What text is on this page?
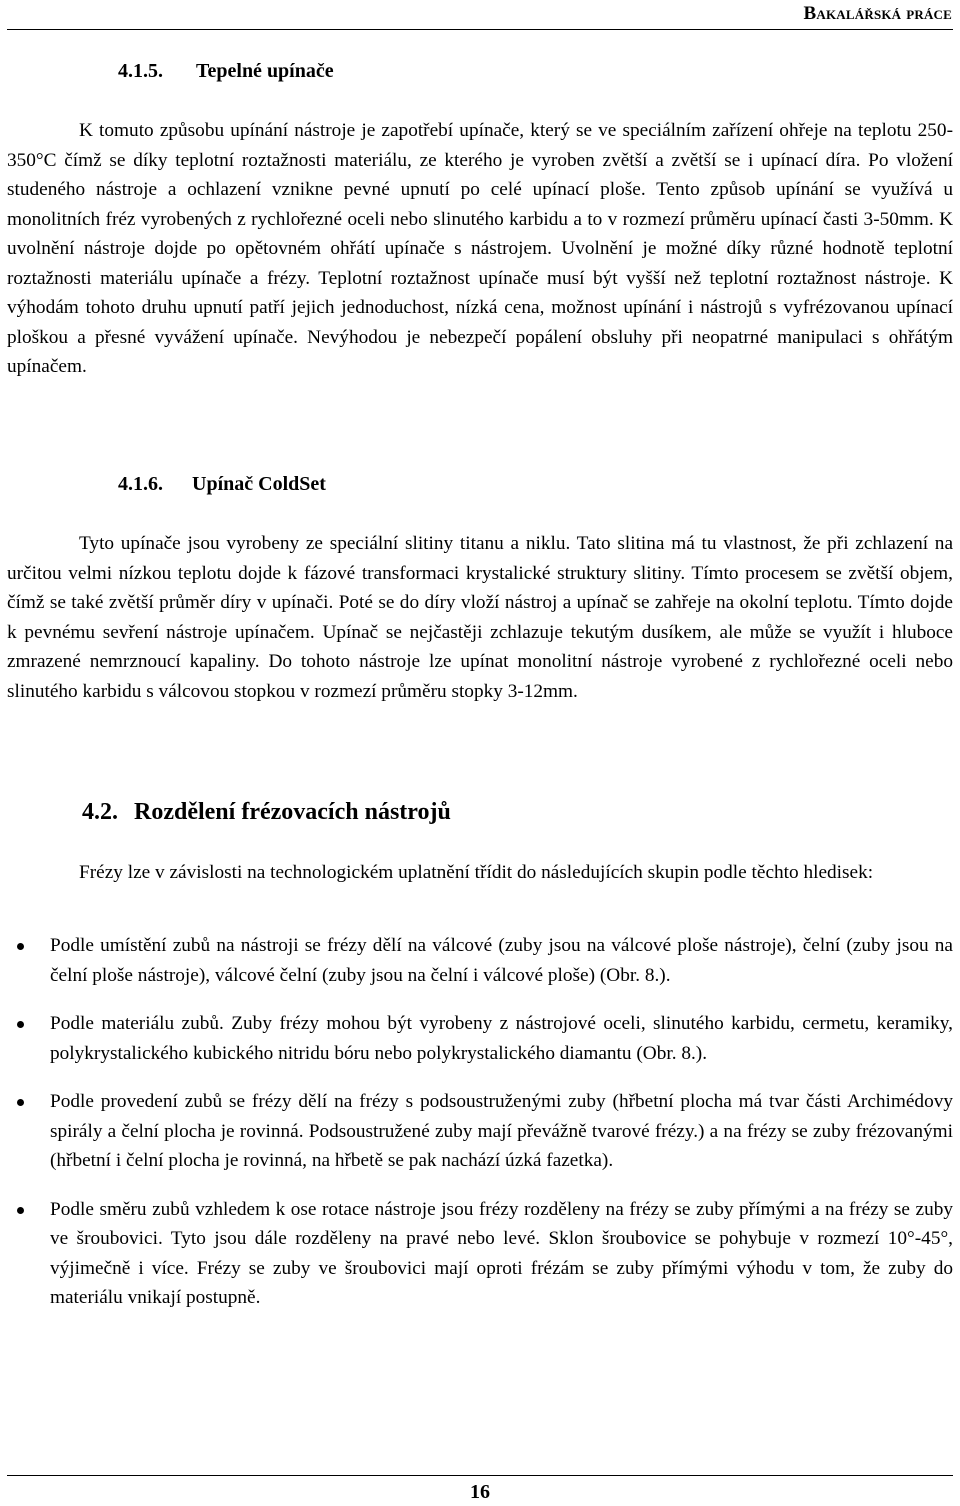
Bakalářská práce
4.1.5. Tepelné upínače

K tomuto způsobu upínání nástroje je zapotřebí upínače, který se ve speciálním zařízení ohřeje na teplotu 250-350°C čímž se díky teplotní roztažnosti materiálu, ze kterého je vyroben zvětší a zvětší se i upínací díra. Po vložení studeného nástroje a ochlazení vznikne pevné upnutí po celé upínací ploše. Tento způsob upínání se využívá u monolitních fréz vyrobených z rychlořezné oceli nebo slinutého karbidu a to v rozmezí průměru upínací časti 3-50mm. K uvolnění nástroje dojde po opětovném ohřátí upínače s nástrojem. Uvolnění je možné díky různé hodnotě teplotní roztažnosti materiálu upínače a frézy. Teplotní roztažnost upínače musí být vyšší než teplotní roztažnost nástroje. K výhodám tohoto druhu upnutí patří jejich jednoduchost, nízká cena, možnost upínání i nástrojů s vyfrézovanou upínací ploškou a přesné vyvážení upínače. Nevýhodou je nebezpečí popálení obsluhy při neopatrné manipulaci s ohřátým upínačem.

4.1.6. Upínač ColdSet

Tyto upínače jsou vyrobeny ze speciální slitiny titanu a niklu. Tato slitina má tu vlastnost, že při zchlazení na určitou velmi nízkou teplotu dojde k fázové transformaci krystalické struktury slitiny. Tímto procesem se zvětší objem, čímž se také zvětší průměr díry v upínači. Poté se do díry vloží nástroj a upínač se zahřeje na okolní teplotu. Tímto dojde k pevnému sevření nástroje upínačem. Upínač se nejčastěji zchlazuje tekutým dusíkem, ale může se využít i hluboce zmrazené nemrznoucí kapaliny. Do tohoto nástroje lze upínat monolitní nástroje vyrobené z rychlořezné oceli nebo slinutého karbidu s válcovou stopkou v rozmezí průměru stopky 3-12mm.

4.2. Rozdělení frézovacích nástrojů

Frézy lze v závislosti na technologickém uplatnění třídit do následujících skupin podle těchto hledisek:

Podle umístění zubů na nástroji se frézy dělí na válcové (zuby jsou na válcové ploše nástroje), čelní (zuby jsou na čelní ploše nástroje), válcové čelní (zuby jsou na čelní i válcové ploše) (Obr. 8.).
Podle materiálu zubů. Zuby frézy mohou být vyrobeny z nástrojové oceli, slinutého karbidu, cermetu, keramiky, polykrystalického kubického nitridu bóru nebo polykrystalického diamantu (Obr. 8.).
Podle provedení zubů se frézy dělí na frézy s podsoustruženými zuby (hřbetní plocha má tvar části Archimédovy spirály a čelní plocha je rovinná. Podsoustružené zuby mají převážně tvarové frézy.) a na frézy se zuby frézovanými (hřbetní i čelní plocha je rovinná, na hřbetě se pak nachází úzká fazetka).
Podle směru zubů vzhledem k ose rotace nástroje jsou frézy rozděleny na frézy se zuby přímými a na frézy se zuby ve šroubovici. Tyto jsou dále rozděleny na pravé nebo levé. Sklon šroubovice se pohybuje v rozmezí 10°-45°, výjimečně i více. Frézy se zuby ve šroubovici mají oproti frézám se zuby přímými výhodu v tom, že zuby do materiálu vnikají postupně.
16
